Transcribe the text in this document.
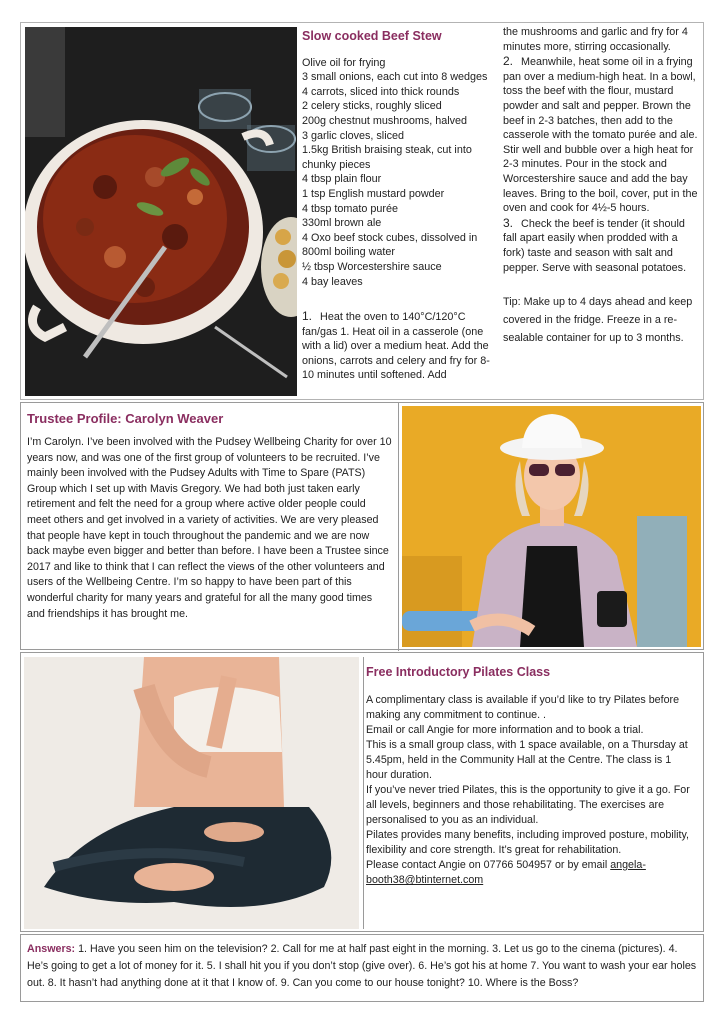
Slow cooked Beef Stew

Olive oil for frying
3 small onions, each cut into 8 wedges
4 carrots, sliced into thick rounds
2 celery sticks, roughly sliced
200g chestnut mushrooms, halved
3 garlic cloves, sliced
1.5kg British braising steak, cut into chunky pieces
4 tbsp plain flour
1 tsp English mustard powder
4 tbsp tomato purée
330ml brown ale
4 Oxo beef stock cubes, dissolved in 800ml boiling water
½ tbsp Worcestershire sauce
4 bay leaves
1. Heat the oven to 140°C/120°C fan/gas 1. Heat oil in a casserole (one with a lid) over a medium heat. Add the onions, carrots and celery and fry for 8-10 minutes until softened. Add
the mushrooms and garlic and fry for 4 minutes more, stirring occasionally.
2. Meanwhile, heat some oil in a frying pan over a medium-high heat. In a bowl, toss the beef with the flour, mustard powder and salt and pepper. Brown the beef in 2-3 batches, then add to the casserole with the tomato purée and ale. Stir well and bubble over a high heat for 2-3 minutes. Pour in the stock and Worcestershire sauce and add the bay leaves. Bring to the boil, cover, put in the oven and cook for 4½-5 hours.
3. Check the beef is tender (it should fall apart easily when prodded with a fork) taste and season with salt and pepper. Serve with seasonal potatoes.
Tip: Make up to 4 days ahead and keep covered in the fridge. Freeze in a re-sealable container for up to 3 months.

Trustee Profile: Carolyn Weaver

I’m Carolyn. I’ve been involved with the Pudsey Wellbeing Charity for over 10 years now, and was one of the first group of volunteers to be recruited. I’ve mainly been involved with the Pudsey Adults with Time to Spare (PATS) Group which I set up with Mavis Gregory. We had both just taken early retirement and felt the need for a group where active older people could meet others and get involved in a variety of activities. We are very pleased that people have kept in touch throughout the pandemic and we are now back maybe even bigger and better than before. I have been a Trustee since 2017 and like to think that I can reflect the views of the other volunteers and users of the Wellbeing Centre. I’m so happy to have been part of this wonderful charity for many years and grateful for all the many good times and friendships it has brought me.

Free Introductory Pilates Class

A complimentary class is available if you’d like to try Pilates before making any commitment to continue. .
Email or call Angie for more information and to book a trial.
This is a small group class, with 1 space available, on a Thursday at 5.45pm, held in the Community Hall at the Centre. The class is 1 hour duration.
If you’ve never tried Pilates, this is the opportunity to give it a go. For all levels, beginners and those rehabilitating. The exercises are personalised to you as an individual.
Pilates provides many benefits, including improved posture, mobility, flexibility and core strength. It’s great for rehabilitation.
Please contact Angie on 07766 504957 or by email angela-booth38@btinternet.com
Answers: 1. Have you seen him on the television? 2. Call for me at half past eight in the morning. 3. Let us go to the cinema (pictures). 4. He’s going to get a lot of money for it. 5. I shall hit you if you don’t stop (give over). 6. He’s got his at home 7. You want to wash your ear holes out. 8. It hasn’t had anything done at it that I know of. 9. Can you come to our house tonight? 10. Where is the Boss?
